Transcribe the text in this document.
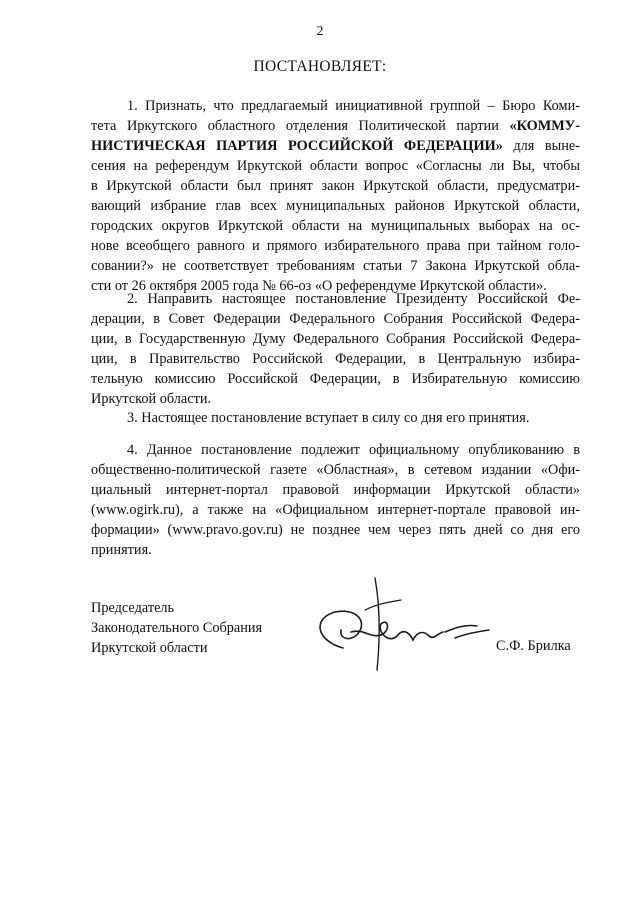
2
ПОСТАНОВЛЯЕТ:
1. Признать, что предлагаемый инициативной группой – Бюро Коми-
тета Иркутского областного отделения Политической партии «КОММУ-
НИСТИЧЕСКАЯ ПАРТИЯ РОССИЙСКОЙ ФЕДЕРАЦИИ» для выне-
сения на референдум Иркутской области вопрос «Согласны ли Вы, чтобы
в Иркутской области был принят закон Иркутской области, предусматри-
вающий избрание глав всех муниципальных районов Иркутской области,
городских округов Иркутской области на муниципальных выборах на ос-
нове всеобщего равного и прямого избирательного права при тайном голо-
совании?» не соответствует требованиям статьи 7 Закона Иркутской обла-
сти от 26 октября 2005 года № 66-оз «О референдуме Иркутской области».
2. Направить настоящее постановление Президенту Российской Фе-
дерации, в Совет Федерации Федерального Собрания Российской Федера-
ции, в Государственную Думу Федерального Собрания Российской Федера-
ции, в Правительство Российской Федерации, в Центральную избира-
тельную комиссию Российской Федерации, в Избирательную комиссию
Иркутской области.
3. Настоящее постановление вступает в силу со дня его принятия.
4. Данное постановление подлежит официальному опубликованию в
общественно-политической газете «Областная», в сетевом издании «Офи-
циальный интернет-портал правовой информации Иркутской области»
(www.ogirk.ru), а также на «Официальном интернет-портале правовой ин-
формации» (www.pravo.gov.ru) не позднее чем через пять дней со дня его
принятия.
Председатель
Законодательного Собрания
Иркутской области	С.Ф. Брилка
